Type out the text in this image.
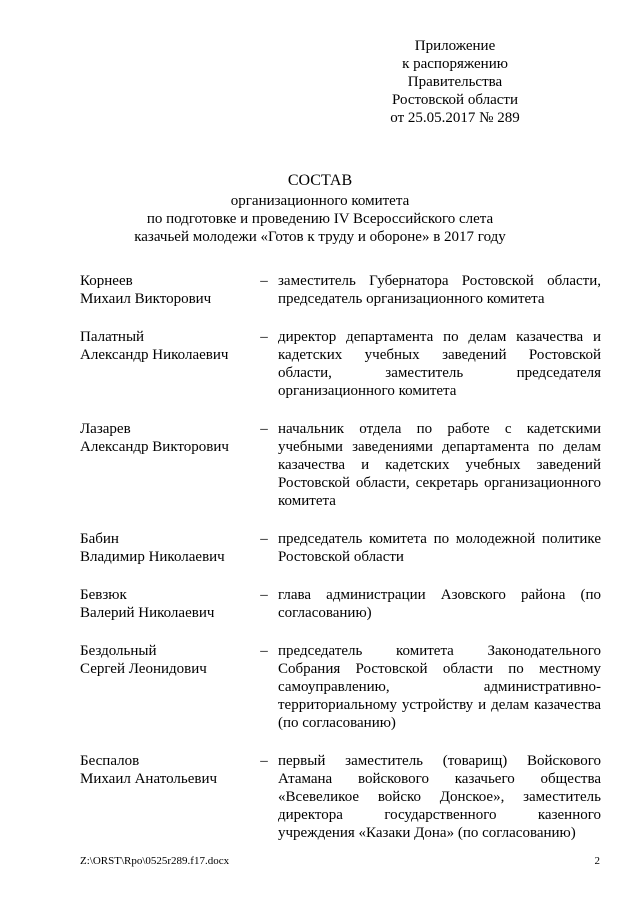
Приложение
к распоряжению
Правительства
Ростовской области
от 25.05.2017 № 289
СОСТАВ
организационного комитета
по подготовке и проведению IV Всероссийского слета
казачьей молодежи «Готов к труду и обороне» в 2017 году
Корнеев
Михаил Викторович
– заместитель Губернатора Ростовской области, председатель организационного комитета
Палатный
Александр Николаевич
– директор департамента по делам казачества и кадетских учебных заведений Ростовской области, заместитель председателя организационного комитета
Лазарев
Александр Викторович
– начальник отдела по работе с кадетскими учебными заведениями департамента по делам казачества и кадетских учебных заведений Ростовской области, секретарь организационного комитета
Бабин
Владимир Николаевич
– председатель комитета по молодежной политике Ростовской области
Бевзюк
Валерий Николаевич
– глава администрации Азовского района (по согласованию)
Бездольный
Сергей Леонидович
– председатель комитета Законодательного Собрания Ростовской области по местному самоуправлению, административно-территориальному устройству и делам казачества (по согласованию)
Беспалов
Михаил Анатольевич
– первый заместитель (товарищ) Войскового Атамана войскового казачьего общества «Всевеликое войско Донское», заместитель директора государственного казенного учреждения «Казаки Дона» (по согласованию)
Z:\ORST\Rpo\0525r289.f17.docx	2
